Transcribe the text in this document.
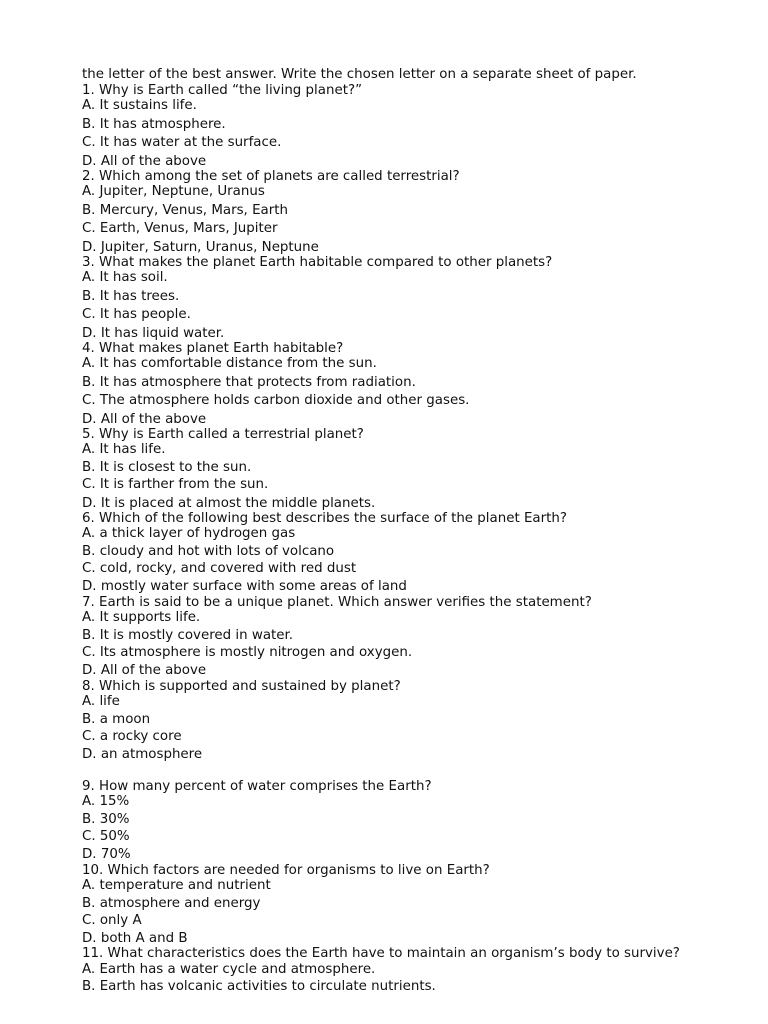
the letter of the best answer. Write the chosen letter on a separate sheet of paper.
1. Why is Earth called “the living planet?”
A. It sustains life.
B. It has atmosphere.
C. It has water at the surface.
D. All of the above
2. Which among the set of planets are called terrestrial?
A. Jupiter, Neptune, Uranus
B. Mercury, Venus, Mars, Earth
C. Earth, Venus, Mars, Jupiter
D. Jupiter, Saturn, Uranus, Neptune
3. What makes the planet Earth habitable compared to other planets?
A. It has soil.
B. It has trees.
C. It has people.
D. It has liquid water.
4. What makes planet Earth habitable?
A. It has comfortable distance from the sun.
B. It has atmosphere that protects from radiation.
C. The atmosphere holds carbon dioxide and other gases.
D. All of the above
5. Why is Earth called a terrestrial planet?
A. It has life.
B. It is closest to the sun.
C. It is farther from the sun.
D. It is placed at almost the middle planets.
6. Which of the following best describes the surface of the planet Earth?
A. a thick layer of hydrogen gas
B. cloudy and hot with lots of volcano
C. cold, rocky, and covered with red dust
D. mostly water surface with some areas of land
7. Earth is said to be a unique planet. Which answer verifies the statement?
A. It supports life.
B. It is mostly covered in water.
C. Its atmosphere is mostly nitrogen and oxygen.
D. All of the above
8. Which is supported and sustained by planet?
A. life
B. a moon
C. a rocky core
D. an atmosphere
9. How many percent of water comprises the Earth?
A. 15%
B. 30%
C. 50%
D. 70%
10. Which factors are needed for organisms to live on Earth?
A. temperature and nutrient
B. atmosphere and energy
C. only A
D. both A and B
11. What characteristics does the Earth have to maintain an organism’s body to survive?
A. Earth has a water cycle and atmosphere.
B. Earth has volcanic activities to circulate nutrients.
